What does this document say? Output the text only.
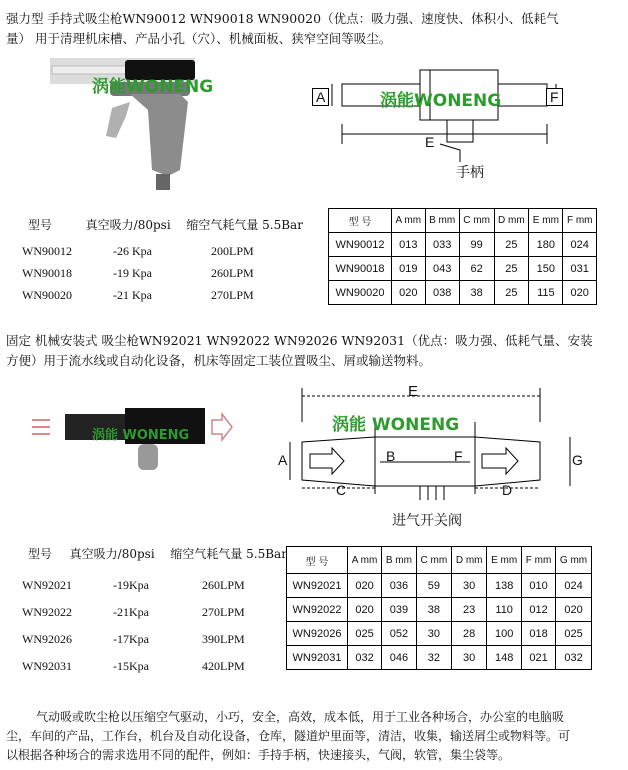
强力型 手持式吸尘枪WN90012 WN90018 WN90020（优点：吸力强、速度快、体积小、低耗气
量） 用于清理机床槽、产品小孔（穴）、机械面板、狭窄空间等吸尘。
涡能WONENG	A	F
涡能WONENG
E
手柄
型号	真空吸力/80psi 缩空气耗气量 5.5Bar
WN90012	-26 Kpa	200LPM
WN90018	-19 Kpa	260LPM
WN90020	-21 Kpa	270LPM
型 号	A mm	B mm	C mm	D mm	E mm	F mm
WN90012	013	033	99	25	180	024
WN90018	019	043	62	25	150	031
WN90020	020	038	38	25	115	020
固定 机械安装式 吸尘枪WN92021 WN92022 WN92026 WN92031（优点：吸力强、低耗气量、安装
方便）用于流水线或自动化设备，机床等固定工装位置吸尘、屑或输送物料。
涡能 WONENG
E
涡能 WONENG
A	B	F	G
C	D
进气开关阀
型号 真空吸力/80psi 缩空气耗气量 5.5Bar
WN92021	-19Kpa	260LPM
WN92022	-21Kpa	270LPM
WN92026	-17Kpa	390LPM
WN92031	-15Kpa	420LPM
型 号	A mm	B mm	C mm	D mm	E mm	F mm	G mm
WN92021	020	036	59	30	138	010	024
WN92022	020	039	38	23	110	012	020
WN92026	025	052	30	28	100	018	025
WN92031	032	046	32	30	148	021	032
气动吸或吹尘枪以压缩空气驱动，小巧，安全，高效，成本低，用于工业各种场合，办公室的电脑吸
尘，车间的产品，工作台，机台及自动化设备，仓库，隧道炉里面等，清洁，收集，输送屑尘或物料等。可
以根据各种场合的需求选用不同的配件，例如：手持手柄，快速接头，气阀，软管，集尘袋等。
